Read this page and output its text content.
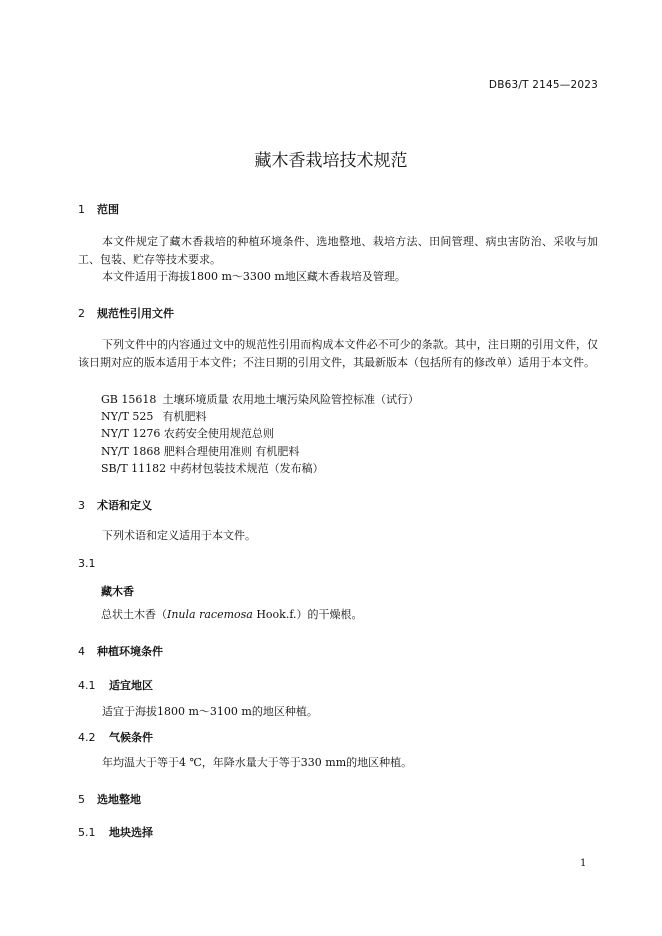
DB63/T 2145—2023
藏木香栽培技术规范
1 范围
本文件规定了藏木香栽培的种植环境条件、选地整地、栽培方法、田间管理、病虫害防治、采收与加工、包装、贮存等技术要求。
本文件适用于海拔1800 m～3300 m地区藏木香栽培及管理。
2 规范性引用文件
下列文件中的内容通过文中的规范性引用而构成本文件必不可少的条款。其中，注日期的引用文件，仅该日期对应的版本适用于本文件；不注日期的引用文件，其最新版本（包括所有的修改单）适用于本文件。
GB 15618 土壤环境质量 农用地土壤污染风险管控标准（试行）
NY/T 525 有机肥料
NY/T 1276 农药安全使用规范总则
NY/T 1868 肥料合理使用准则 有机肥料
SB/T 11182 中药材包装技术规范（发布稿）
3 术语和定义
下列术语和定义适用于本文件。
3.1
藏木香
总状土木香（Inula racemosa Hook.f.）的干燥根。
4 种植环境条件
4.1 适宜地区
适宜于海拔1800 m～3100 m的地区种植。
4.2 气候条件
年均温大于等于4 ℃，年降水量大于等于330 mm的地区种植。
5 选地整地
5.1 地块选择
1
